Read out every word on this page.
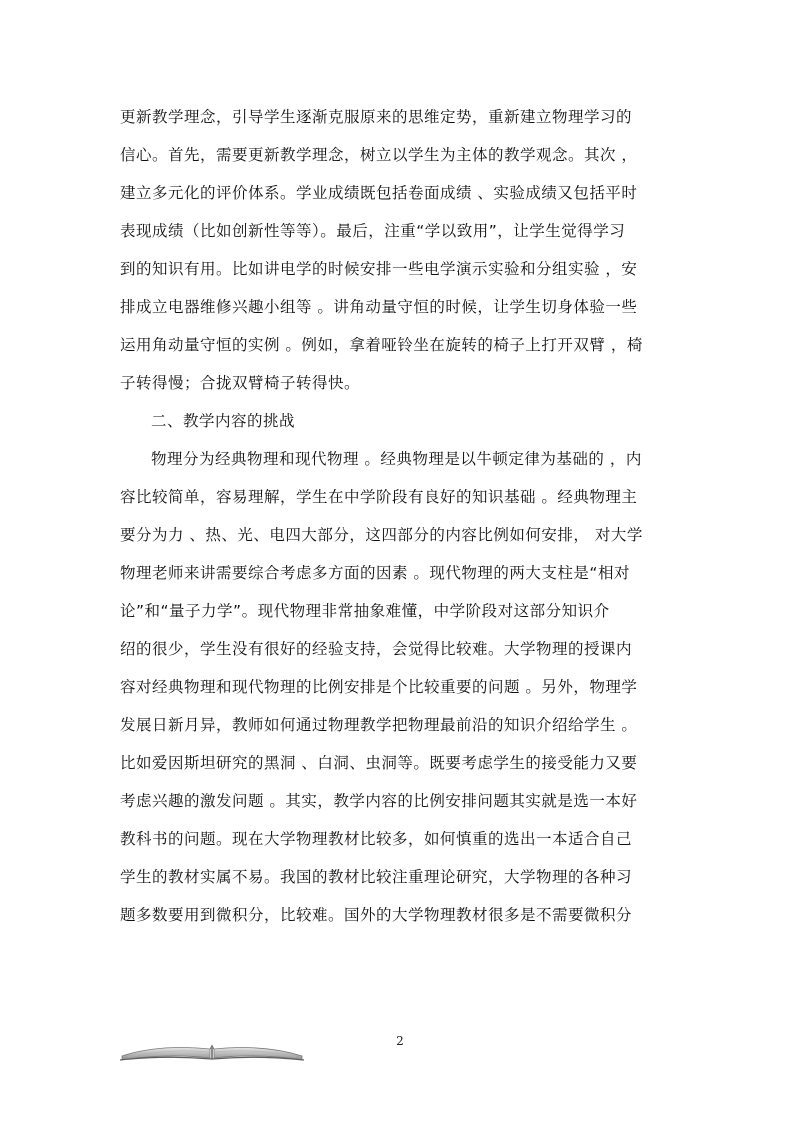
更新教学理念，引导学生逐渐克服原来的思维定势，重新建立物理学习的
信心。首先，需要更新教学理念，树立以学生为主体的教学观念。其次 ，
建立多元化的评价体系。学业成绩既包括卷面成绩 、实验成绩又包括平时
表现成绩（比如创新性等等）。最后，注重“学以致用”，让学生觉得学习
到的知识有用。比如讲电学的时候安排一些电学演示实验和分组实验 ，安
排成立电器维修兴趣小组等 。讲角动量守恒的时候，让学生切身体验一些
运用角动量守恒的实例 。例如，拿着哑铃坐在旋转的椅子上打开双臂 ，椅
子转得慢；合拢双臂椅子转得快。
二、教学内容的挑战
物理分为经典物理和现代物理 。经典物理是以牛顿定律为基础的 ，内
容比较简单，容易理解，学生在中学阶段有良好的知识基础 。经典物理主
要分为力 、热、光、电四大部分，这四部分的内容比例如何安排， 对大学
物理老师来讲需要综合考虑多方面的因素 。现代物理的两大支柱是“相对
论”和“量子力学”。现代物理非常抽象难懂，中学阶段对这部分知识介
绍的很少，学生没有很好的经验支持，会觉得比较难。大学物理的授课内
容对经典物理和现代物理的比例安排是个比较重要的问题 。另外，物理学
发展日新月异，教师如何通过物理教学把物理最前沿的知识介绍给学生 。
比如爱因斯坦研究的黑洞 、白洞、虫洞等。既要考虑学生的接受能力又要
考虑兴趣的激发问题 。其实，教学内容的比例安排问题其实就是选一本好
教科书的问题。现在大学物理教材比较多，如何慎重的选出一本适合自己
学生的教材实属不易。我国的教材比较注重理论研究，大学物理的各种习
题多数要用到微积分，比较难。国外的大学物理教材很多是不需要微积分
2
